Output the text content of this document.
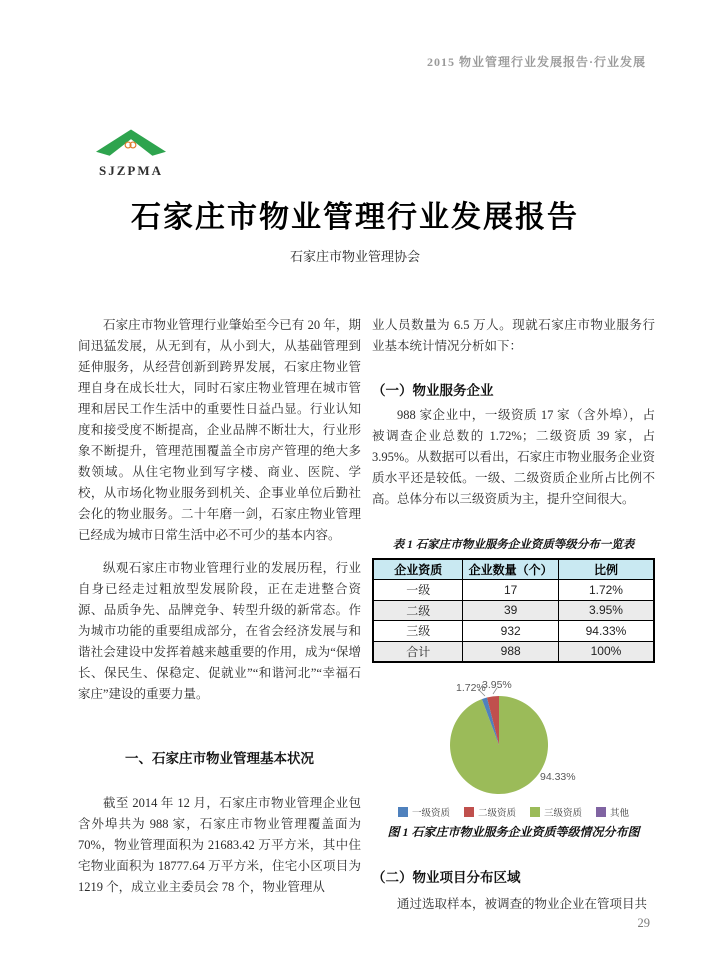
2015 物业管理行业发展报告·行业发展
SJZPMA
石家庄市物业管理行业发展报告
石家庄市物业管理协会

石家庄市物业管理行业肇始至今已有 20 年，期间迅猛发展，从无到有，从小到大，从基础管理到延伸服务，从经营创新到跨界发展，石家庄物业管理自身在成长壮大，同时石家庄物业管理在城市管理和居民工作生活中的重要性日益凸显。行业认知度和接受度不断提高，企业品牌不断壮大，行业形象不断提升，管理范围覆盖全市房产管理的绝大多数领域。从住宅物业到写字楼、商业、医院、学校，从市场化物业服务到机关、企事业单位后勤社会化的物业服务。二十年磨一剑，石家庄物业管理已经成为城市日常生活中必不可少的基本内容。

纵观石家庄市物业管理行业的发展历程，行业自身已经走过粗放型发展阶段，正在走进整合资源、品质争先、品牌竞争、转型升级的新常态。作为城市功能的重要组成部分，在省会经济发展与和谐社会建设中发挥着越来越重要的作用，成为“保增长、保民生、保稳定、促就业”“和谐河北”“幸福石家庄”建设的重要力量。

一、石家庄市物业管理基本状况

截至 2014 年 12 月，石家庄市物业管理企业包含外埠共为 988 家，石家庄市物业管理覆盖面为 70%，物业管理面积为 21683.42 万平方米，其中住宅物业面积为 18777.64 万平方米，住宅小区项目为 1219 个，成立业主委员会 78 个，物业管理从

业人员数量为 6.5 万人。现就石家庄市物业服务行业基本统计情况分析如下：

（一）物业服务企业

988 家企业中，一级资质 17 家（含外埠），占被调查企业总数的 1.72%；二级资质 39 家，占 3.95%。从数据可以看出，石家庄市物业服务企业资质水平还是较低。一级、二级资质企业所占比例不高。总体分布以三级资质为主，提升空间很大。

表 1 石家庄市物业服务企业资质等级分布一览表
企业资质	企业数量（个）	比例
一级	17	1.72%
二级	39	3.95%
三级	932	94.33%
合计	988	100%
1.72%
3.95%
94.33%
一级资质	二级资质	三级资质	其他
图 1 石家庄市物业服务企业资质等级情况分布图
（二）物业项目分布区域

通过选取样本，被调查的物业企业在管项目共

29
